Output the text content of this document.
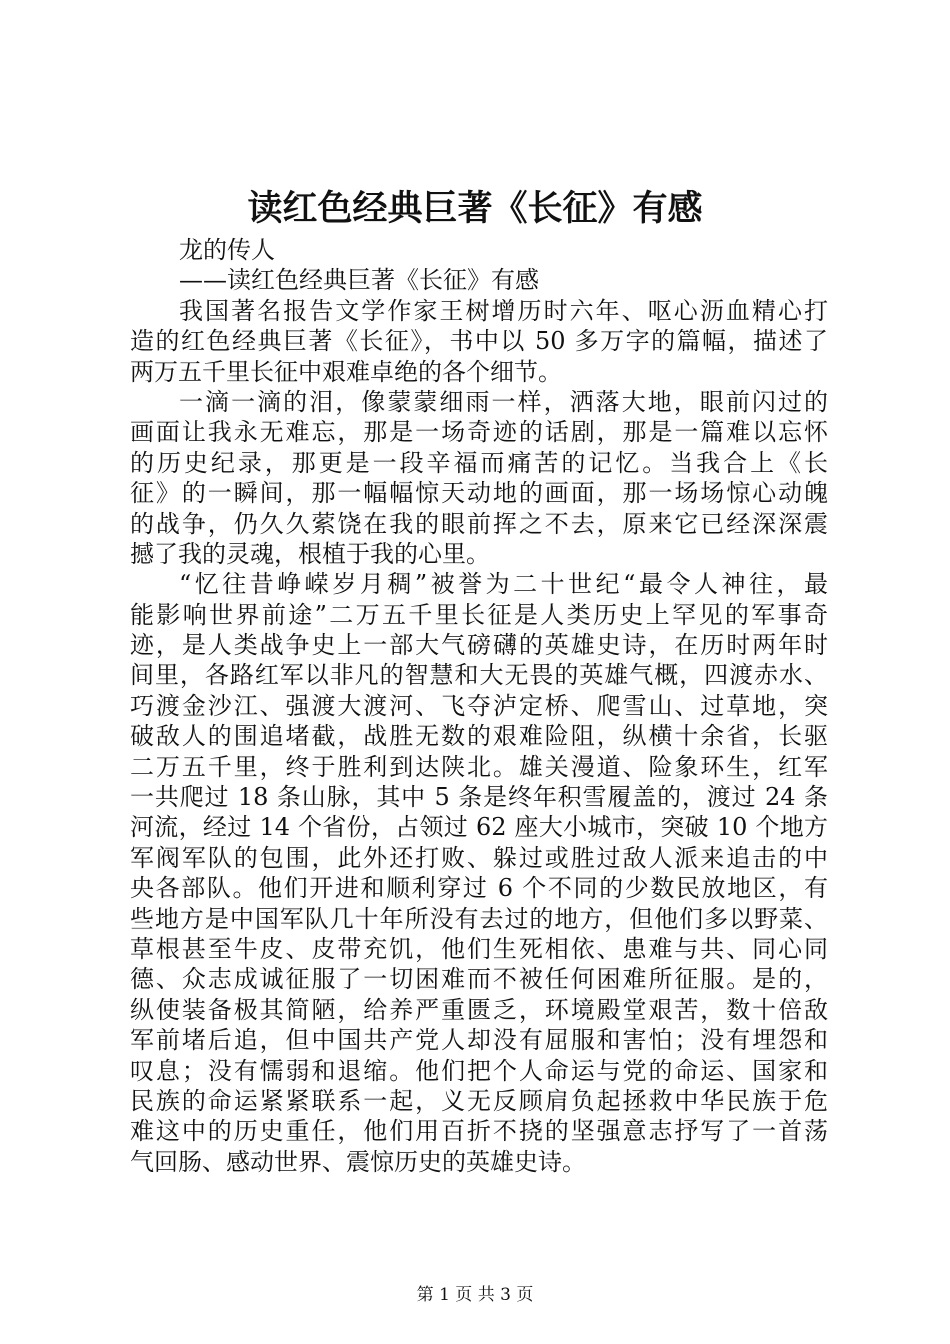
读红色经典巨著《长征》有感
龙的传人
——读红色经典巨著《长征》有感
我国著名报告文学作家王树增历时六年、呕心沥血精心打
造的红色经典巨著《长征》，书中以 50 多万字的篇幅，描述了
两万五千里长征中艰难卓绝的各个细节。
一滴一滴的泪，像蒙蒙细雨一样，洒落大地，眼前闪过的
画面让我永无难忘，那是一场奇迹的话剧，那是一篇难以忘怀
的历史纪录，那更是一段辛福而痛苦的记忆。当我合上《长
征》的一瞬间，那一幅幅惊天动地的画面，那一场场惊心动魄
的战争，仍久久萦饶在我的眼前挥之不去，原来它已经深深震
撼了我的灵魂，根植于我的心里。
“忆往昔峥嵘岁月稠”被誉为二十世纪“最令人神往，最
能影响世界前途”二万五千里长征是人类历史上罕见的军事奇
迹，是人类战争史上一部大气磅礴的英雄史诗，在历时两年时
间里，各路红军以非凡的智慧和大无畏的英雄气概，四渡赤水、
巧渡金沙江、强渡大渡河、飞夺泸定桥、爬雪山、过草地，突
破敌人的围追堵截，战胜无数的艰难险阻，纵横十余省，长驱
二万五千里，终于胜利到达陕北。雄关漫道、险象环生，红军
一共爬过 18 条山脉，其中 5 条是终年积雪履盖的，渡过 24 条
河流，经过 14 个省份，占领过 62 座大小城市，突破 10 个地方
军阀军队的包围，此外还打败、躲过或胜过敌人派来追击的中
央各部队。他们开进和顺利穿过 6 个不同的少数民放地区，有
些地方是中国军队几十年所没有去过的地方，但他们多以野菜、
草根甚至牛皮、皮带充饥，他们生死相依、患难与共、同心同
德、众志成诚征服了一切困难而不被任何困难所征服。是的，
纵使装备极其简陋，给养严重匮乏，环境殿堂艰苦，数十倍敌
军前堵后追，但中国共产党人却没有屈服和害怕；没有埋怨和
叹息；没有懦弱和退缩。他们把个人命运与党的命运、国家和
民族的命运紧紧联系一起，义无反顾肩负起拯救中华民族于危
难这中的历史重任，他们用百折不挠的坚强意志抒写了一首荡
气回肠、感动世界、震惊历史的英雄史诗。
第 1 页 共 3 页
